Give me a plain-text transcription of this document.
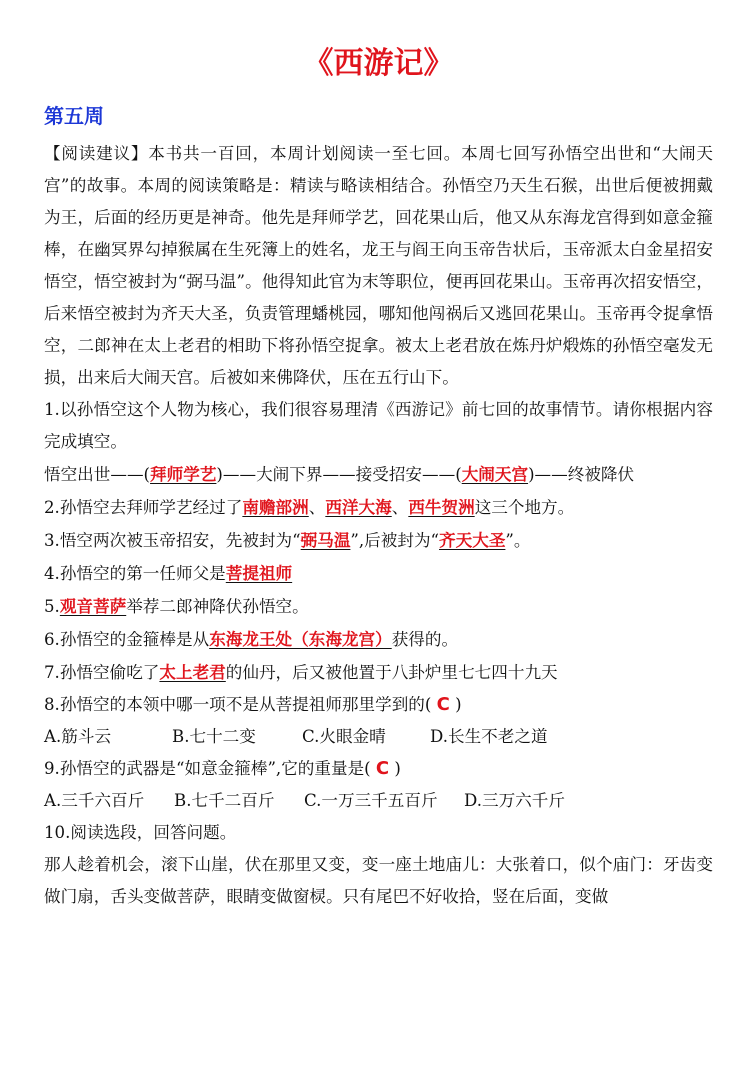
《西游记》
第五周

【阅读建议】本书共一百回，本周计划阅读一至七回。本周七回写孙悟空出世和“大闹天宫”的故事。本周的阅读策略是：精读与略读相结合。孙悟空乃天生石猴，出世后便被拥戴为王，后面的经历更是神奇。他先是拜师学艺，回花果山后，他又从东海龙宫得到如意金箍棒，在幽冥界勾掉猴属在生死簿上的姓名，龙王与阎王向玉帝告状后，玉帝派太白金星招安悟空，悟空被封为“弼马温”。他得知此官为末等职位，便再回花果山。玉帝再次招安悟空，后来悟空被封为齐天大圣，负责管理蟠桃园，哪知他闯祸后又逃回花果山。玉帝再令捉拿悟空，二郎神在太上老君的相助下将孙悟空捉拿。被太上老君放在炼丹炉煅炼的孙悟空毫发无损，出来后大闹天宫。后被如来佛降伏，压在五行山下。

1.以孙悟空这个人物为核心，我们很容易理清《西游记》前七回的故事情节。请你根据内容完成填空。

悟空出世——(拜师学艺)——大闹下界——接受招安——(大闹天宫)——终被降伏

2.孙悟空去拜师学艺经过了南赡部洲、西洋大海、西牛贺洲这三个地方。

3.悟空两次被玉帝招安，先被封为“弼马温”,后被封为“齐天大圣”。

4.孙悟空的第一任师父是菩提祖师

5.观音菩萨举荐二郎神降伏孙悟空。

6.孙悟空的金箍棒是从东海龙王处（东海龙宫）获得的。

7.孙悟空偷吃了太上老君的仙丹，后又被他置于八卦炉里七七四十九天

8.孙悟空的本领中哪一项不是从菩提祖师那里学到的( C )

A.筋斗云	B.七十二变	C.火眼金晴	D.长生不老之道

9.孙悟空的武器是“如意金箍棒”,它的重量是( C )

A.三千六百斤	B.七千二百斤	C.一万三千五百斤	D.三万六千斤

10.阅读选段，回答问题。

那人趁着机会，滚下山崖，伏在那里又变，变一座土地庙儿：大张着口，似个庙门：牙齿变做门扇，舌头变做菩萨，眼睛变做窗棂。只有尾巴不好收拾，竖在后面，变做
